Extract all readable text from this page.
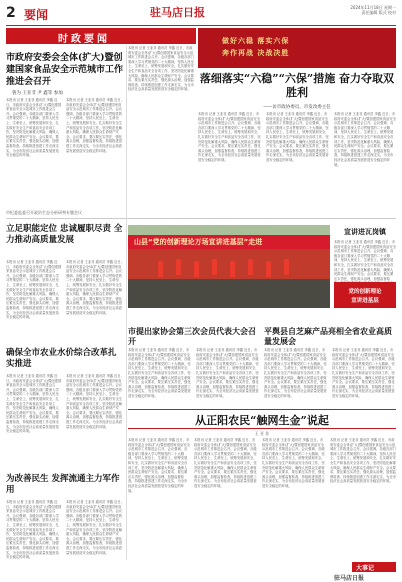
2 要闻	驻马店日报	2024年11月18日 星期一
责任编辑 版式 校对
时政要闻	做好六稳 落实六保
奔作再战 决战决胜
市政府安委会全体(扩大)暨创建国家食品安全示范城市工作推进会召开
鲁为 王亚非 尹 鑫等 参加
本报讯 记者 王亚非 通讯员 李鑫 近日，市政府安委会全体(扩大)暨创建国家食品安全示范城市工作推进会召开。会议强调，各级各部门要深入学习贯彻党的二十大精神，坚持人民至上、生命至上，统筹发展和安全，扎实做好安全生产和食品安全各项工作，坚决防范化解重大风险，确保人民群众生命财产安全。会议要求，要压紧压实责任，强化源头治理，加强监督检查，持续推进创建工作走深走实，为全市经济社会高质量发展营造安全稳定的环境。
本报讯 记者 王亚非 通讯员 李鑫 近日，市政府安委会全体(扩大)暨创建国家食品安全示范城市工作推进会召开。会议强调，各级各部门要深入学习贯彻党的二十大精神，坚持人民至上、生命至上，统筹发展和安全，扎实做好安全生产和食品安全各项工作，坚决防范化解重大风险，确保人民群众生命财产安全。会议要求，要压紧压实责任，强化源头治理，加强监督检查，持续推进创建工作走深走实，为全市经济社会高质量发展营造安全稳定的环境。
本报讯 记者 王亚非 通讯员 李鑫 近日，市政府安委会全体(扩大)暨创建国家食品安全示范城市工作推进会召开。会议强调，各级各部门要深入学习贯彻党的二十大精神，坚持人民至上、生命至上，统筹发展和安全，扎实做好安全生产和食品安全各项工作，坚决防范化解重大风险，确保人民群众生命财产安全。会议要求，要压紧压实责任，强化源头治理，加强监督检查，持续推进创建工作走深走实，为全市经济社会高质量发展营造安全稳定的环境。
落细落实“六稳”“六保”措施 奋力夺取双胜利
——访市政协委员、市发改委主任
本报讯 记者 王亚非 通讯员 李鑫 近日，市政府安委会全体(扩大)暨创建国家食品安全示范城市工作推进会召开。会议强调，各级各部门要深入学习贯彻党的二十大精神，坚持人民至上、生命至上，统筹发展和安全，扎实做好安全生产和食品安全各项工作，坚决防范化解重大风险，确保人民群众生命财产安全。会议要求，要压紧压实责任，强化源头治理，加强监督检查，持续推进创建工作走深走实，为全市经济社会高质量发展营造安全稳定的环境。
本报讯 记者 王亚非 通讯员 李鑫 近日，市政府安委会全体(扩大)暨创建国家食品安全示范城市工作推进会召开。会议强调，各级各部门要深入学习贯彻党的二十大精神，坚持人民至上、生命至上，统筹发展和安全，扎实做好安全生产和食品安全各项工作，坚决防范化解重大风险，确保人民群众生命财产安全。会议要求，要压紧压实责任，强化源头治理，加强监督检查，持续推进创建工作走深走实，为全市经济社会高质量发展营造安全稳定的环境。
本报讯 记者 王亚非 通讯员 李鑫 近日，市政府安委会全体(扩大)暨创建国家食品安全示范城市工作推进会召开。会议强调，各级各部门要深入学习贯彻党的二十大精神，坚持人民至上、生命至上，统筹发展和安全，扎实做好安全生产和食品安全各项工作，坚决防范化解重大风险，确保人民群众生命财产安全。会议要求，要压紧压实责任，强化源头治理，加强监督检查，持续推进创建工作走深走实，为全市经济社会高质量发展营造安全稳定的环境。
市纪委监委召开政治生态分析研判专题会议
立足职能定位 忠诚履职尽责 全力推动高质量发展
本报讯 记者 王亚非 通讯员 李鑫 近日，市政府安委会全体(扩大)暨创建国家食品安全示范城市工作推进会召开。会议强调，各级各部门要深入学习贯彻党的二十大精神，坚持人民至上、生命至上，统筹发展和安全，扎实做好安全生产和食品安全各项工作，坚决防范化解重大风险，确保人民群众生命财产安全。会议要求，要压紧压实责任，强化源头治理，加强监督检查，持续推进创建工作走深走实，为全市经济社会高质量发展营造安全稳定的环境。
本报讯 记者 王亚非 通讯员 李鑫 近日，市政府安委会全体(扩大)暨创建国家食品安全示范城市工作推进会召开。会议强调，各级各部门要深入学习贯彻党的二十大精神，坚持人民至上、生命至上，统筹发展和安全，扎实做好安全生产和食品安全各项工作，坚决防范化解重大风险，确保人民群众生命财产安全。会议要求，要压紧压实责任，强化源头治理，加强监督检查，持续推进创建工作走深走实，为全市经济社会高质量发展营造安全稳定的环境。
山县“党的创新理论万场宣讲进基层”走进
宣讲进瓦岗镇
本报讯 记者 王亚非 通讯员 李鑫 近日，市政府安委会全体(扩大)暨创建国家食品安全示范城市工作推进会召开。会议强调，各级各部门要深入学习贯彻党的二十大精神，坚持人民至上、生命至上，统筹发展和安全，扎实做好安全生产和食品安全各项工作，坚决防范化解重大风险，确保人民群众生命财产安全。会议要求，要压紧压实责任，强化源头治理，加强监督检
党的创新理论
宣讲进基层
确保全市农业水价综合改革扎实推进
本报讯 记者 王亚非 通讯员 李鑫 近日，市政府安委会全体(扩大)暨创建国家食品安全示范城市工作推进会召开。会议强调，各级各部门要深入学习贯彻党的二十大精神，坚持人民至上、生命至上，统筹发展和安全，扎实做好安全生产和食品安全各项工作，坚决防范化解重大风险，确保人民群众生命财产安全。会议要求，要压紧压实责任，强化源头治理，加强监督检查，持续推进创建工作走深走实，为全市经济社会高质量发展营造安全稳定的环境。
本报讯 记者 王亚非 通讯员 李鑫 近日，市政府安委会全体(扩大)暨创建国家食品安全示范城市工作推进会召开。会议强调，各级各部门要深入学习贯彻党的二十大精神，坚持人民至上、生命至上，统筹发展和安全，扎实做好安全生产和食品安全各项工作，坚决防范化解重大风险，确保人民群众生命财产安全。会议要求，要压紧压实责任，强化源头治理，加强监督检查，持续推进创建工作走深走实，为全市经济社会高质量发展营造安全稳定的环境。
市提出家协会第三次会员代表大会召开
本报讯 记者 王亚非 通讯员 李鑫 近日，市政府安委会全体(扩大)暨创建国家食品安全示范城市工作推进会召开。会议强调，各级各部门要深入学习贯彻党的二十大精神，坚持人民至上、生命至上，统筹发展和安全，扎实做好安全生产和食品安全各项工作，坚决防范化解重大风险，确保人民群众生命财产安全。会议要求，要压紧压实责任，强化源头治理，加强监督检查，持续推进创建工作走深走实，为全市经济社会高质量发展营造安全稳定的环境。
本报讯 记者 王亚非 通讯员 李鑫 近日，市政府安委会全体(扩大)暨创建国家食品安全示范城市工作推进会召开。会议强调，各级各部门要深入学习贯彻党的二十大精神，坚持人民至上、生命至上，统筹发展和安全，扎实做好安全生产和食品安全各项工作，坚决防范化解重大风险，确保人民群众生命财产安全。会议要求，要压紧压实责任，强化源头治理，加强监督检查，持续推进创建工作走深走实，为全市经济社会高质量发展营造安全稳定的环境。
平舆县自芝麻产品亮相全省农业高质量发展会
本报讯 记者 王亚非 通讯员 李鑫 近日，市政府安委会全体(扩大)暨创建国家食品安全示范城市工作推进会召开。会议强调，各级各部门要深入学习贯彻党的二十大精神，坚持人民至上、生命至上，统筹发展和安全，扎实做好安全生产和食品安全各项工作，坚决防范化解重大风险，确保人民群众生命财产安全。会议要求，要压紧压实责任，强化源头治理，加强监督检查，持续推进创建工作走深走实，为全市经济社会高质量发展营造安全稳定的环境。
本报讯 记者 王亚非 通讯员 李鑫 近日，市政府安委会全体(扩大)暨创建国家食品安全示范城市工作推进会召开。会议强调，各级各部门要深入学习贯彻党的二十大精神，坚持人民至上、生命至上，统筹发展和安全，扎实做好安全生产和食品安全各项工作，坚决防范化解重大风险，确保人民群众生命财产安全。会议要求，要压紧压实责任，强化源头治理，加强监督检查，持续推进创建工作走深走实，为全市经济社会高质量发展营造安全稳定的环境。
为改善民生 发挥流通主力军作用
本报讯 记者 王亚非 通讯员 李鑫 近日，市政府安委会全体(扩大)暨创建国家食品安全示范城市工作推进会召开。会议强调，各级各部门要深入学习贯彻党的二十大精神，坚持人民至上、生命至上，统筹发展和安全，扎实做好安全生产和食品安全各项工作，坚决防范化解重大风险，确保人民群众生命财产安全。会议要求，要压紧压实责任，强化源头治理，加强监督检查，持续推进创建工作走深走实，为全市经济社会高质量发展营造安全稳定的环境。
本报讯 记者 王亚非 通讯员 李鑫 近日，市政府安委会全体(扩大)暨创建国家食品安全示范城市工作推进会召开。会议强调，各级各部门要深入学习贯彻党的二十大精神，坚持人民至上、生命至上，统筹发展和安全，扎实做好安全生产和食品安全各项工作，坚决防范化解重大风险，确保人民群众生命财产安全。会议要求，要压紧压实责任，强化源头治理，加强监督检查，持续推进创建工作走深走实，为全市经济社会高质量发展营造安全稳定的环境。
从正阳农民“触网生金”说起
王 亚 非
本报讯 记者 王亚非 通讯员 李鑫 近日，市政府安委会全体(扩大)暨创建国家食品安全示范城市工作推进会召开。会议强调，各级各部门要深入学习贯彻党的二十大精神，坚持人民至上、生命至上，统筹发展和安全，扎实做好安全生产和食品安全各项工作，坚决防范化解重大风险，确保人民群众生命财产安全。会议要求，要压紧压实责任，强化源头治理，加强监督检查，持续推进创建工作走深走实，为全市经济社会高质量发展营造安全稳定的环境。
本报讯 记者 王亚非 通讯员 李鑫 近日，市政府安委会全体(扩大)暨创建国家食品安全示范城市工作推进会召开。会议强调，各级各部门要深入学习贯彻党的二十大精神，坚持人民至上、生命至上，统筹发展和安全，扎实做好安全生产和食品安全各项工作，坚决防范化解重大风险，确保人民群众生命财产安全。会议要求，要压紧压实责任，强化源头治理，加强监督检查，持续推进创建工作走深走实，为全市经济社会高质量发展营造安全稳定的环境。
本报讯 记者 王亚非 通讯员 李鑫 近日，市政府安委会全体(扩大)暨创建国家食品安全示范城市工作推进会召开。会议强调，各级各部门要深入学习贯彻党的二十大精神，坚持人民至上、生命至上，统筹发展和安全，扎实做好安全生产和食品安全各项工作，坚决防范化解重大风险，确保人民群众生命财产安全。会议要求，要压紧压实责任，强化源头治理，加强监督检查，持续推进创建工作走深走实，为全市经济社会高质量发展营造安全稳定的环境。
本报讯 记者 王亚非 通讯员 李鑫 近日，市政府安委会全体(扩大)暨创建国家食品安全示范城市工作推进会召开。会议强调，各级各部门要深入学习贯彻党的二十大精神，坚持人民至上、生命至上，统筹发展和安全，扎实做好安全生产和食品安全各项工作，坚决防范化解重大风险，确保人民群众生命财产安全。会议要求，要压紧压实责任，强化源头治理，加强监督检查，持续推进创建工作走深走实，为全市经济社会高质量发展营造安全稳定的环境。
大事记
驻马店日报
